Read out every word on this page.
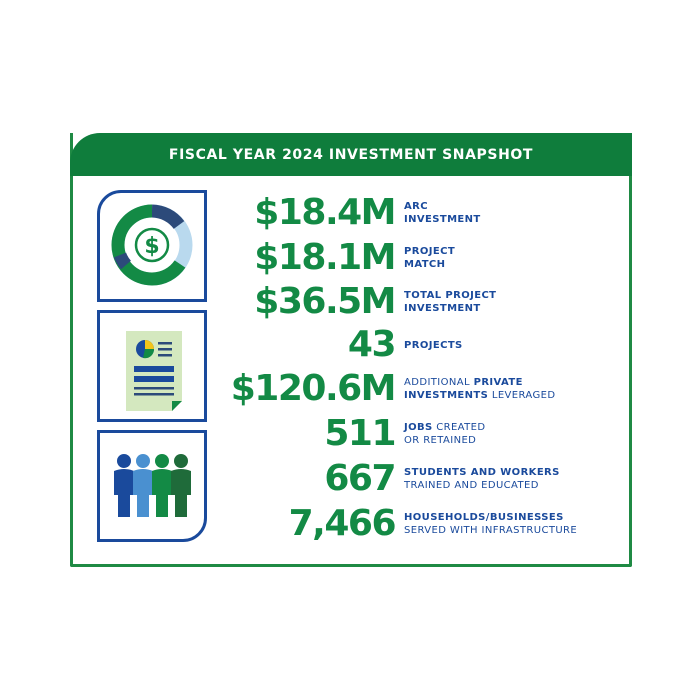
FISCAL YEAR 2024 INVESTMENT SNAPSHOT
$
$18.4M ARC
INVESTMENT
$18.1M PROJECT
MATCH
$36.5M TOTAL PROJECT
INVESTMENT
43 PROJECTS
$120.6M ADDITIONAL PRIVATE
INVESTMENTS LEVERAGED
511 JOBS CREATED
OR RETAINED
667 STUDENTS AND WORKERS
TRAINED AND EDUCATED
7,466 HOUSEHOLDS/BUSINESSES
SERVED WITH INFRASTRUCTURE
